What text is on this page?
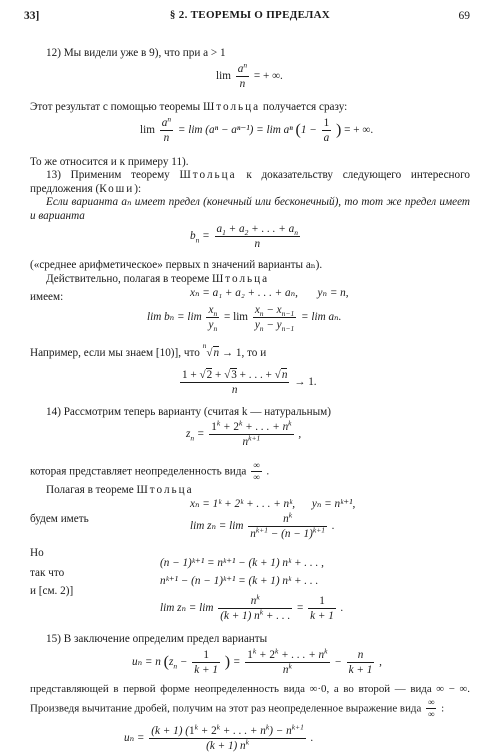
33]	§ 2. ТЕОРЕМЫ О ПРЕДЕЛАХ	69
12) Мы видели уже в 9), что при a > 1
$\lim \frac{a^n}{n}$ = + ∞.
Этот результат с помощью теоремы Штольца получается сразу:
$\lim \frac{a^n}{n} = \lim (a^n - a^{n-1}) = \lim a^n$ ($1 - \frac{1}{a}$ ) = + ∞.
То же относится и к примеру 11).
13) Применим теорему Штольца к доказательству следующего интересного предложения (Коши):
Если варианта aₙ имеет предел (конечный или бесконечный), то тот же предел имеет и варианта
$b_n = \frac{a_1 + a_2 + . . . + a_n}{n}$
(«среднее арифметическое» первых n значений варианты aₙ).
Действительно, полагая в теореме Штольца
имеем:	xₙ = a₁ + a₂ + . . . + aₙ, yₙ = n,
$\lim b_n = \lim \frac{x_n}{y_n} = \lim \frac{x_n - x_{n-1}}{y_n - y_{n-1}} = \lim a_n$.
Например, если мы знаем [10)], что $^n$√n → 1, то и
$\frac{1 + √2 + √3 + . . . + √n}{n} \to 1$.
14) Рассмотрим теперь варианту (считая k — натуральным)
$z_n = \frac{1^k + 2^k + . . . + n^k}{n^{k+1}}$ ,
которая представляет неопределенность вида $\frac{\infty}{\infty}$ .
Полагая в теореме Штольца
xₙ = 1ᵏ + 2ᵏ + . . . + nᵏ, yₙ = nᵏ⁺¹,
будем иметь
$\lim z_n = \lim \frac{n^k}{n^{k+1} - (n - 1)^{k+1}}$ .
Но
(n − 1)ᵏ⁺¹ = nᵏ⁺¹ − (k + 1) nᵏ + . . . ,
так что
и [см. 2)]
nᵏ⁺¹ − (n − 1)ᵏ⁺¹ = (k + 1) nᵏ + . . .
$\lim z_n = \lim \frac{n^k}{(k + 1) n^k + . . .} = \frac{1}{k + 1}$ .
15) В заключение определим предел варианты
uₙ = n ($z_n - \frac{1}{k + 1}$ ) = $\frac{1^k + 2^k + . . . + n^k}{n^k} - \frac{n}{k + 1}$ ,
представляющей в первой форме неопределенность вида ∞·0, а во второй — вида ∞ − ∞. Произведя вычитание дробей, получим на этот раз неопределенное выражение вида $\frac{\infty}{\infty}$ :
$u_n = \frac{(k + 1) (1^k + 2^k + . . . + n^k) - n^{k+1}}{(k + 1) n^k}$ .
